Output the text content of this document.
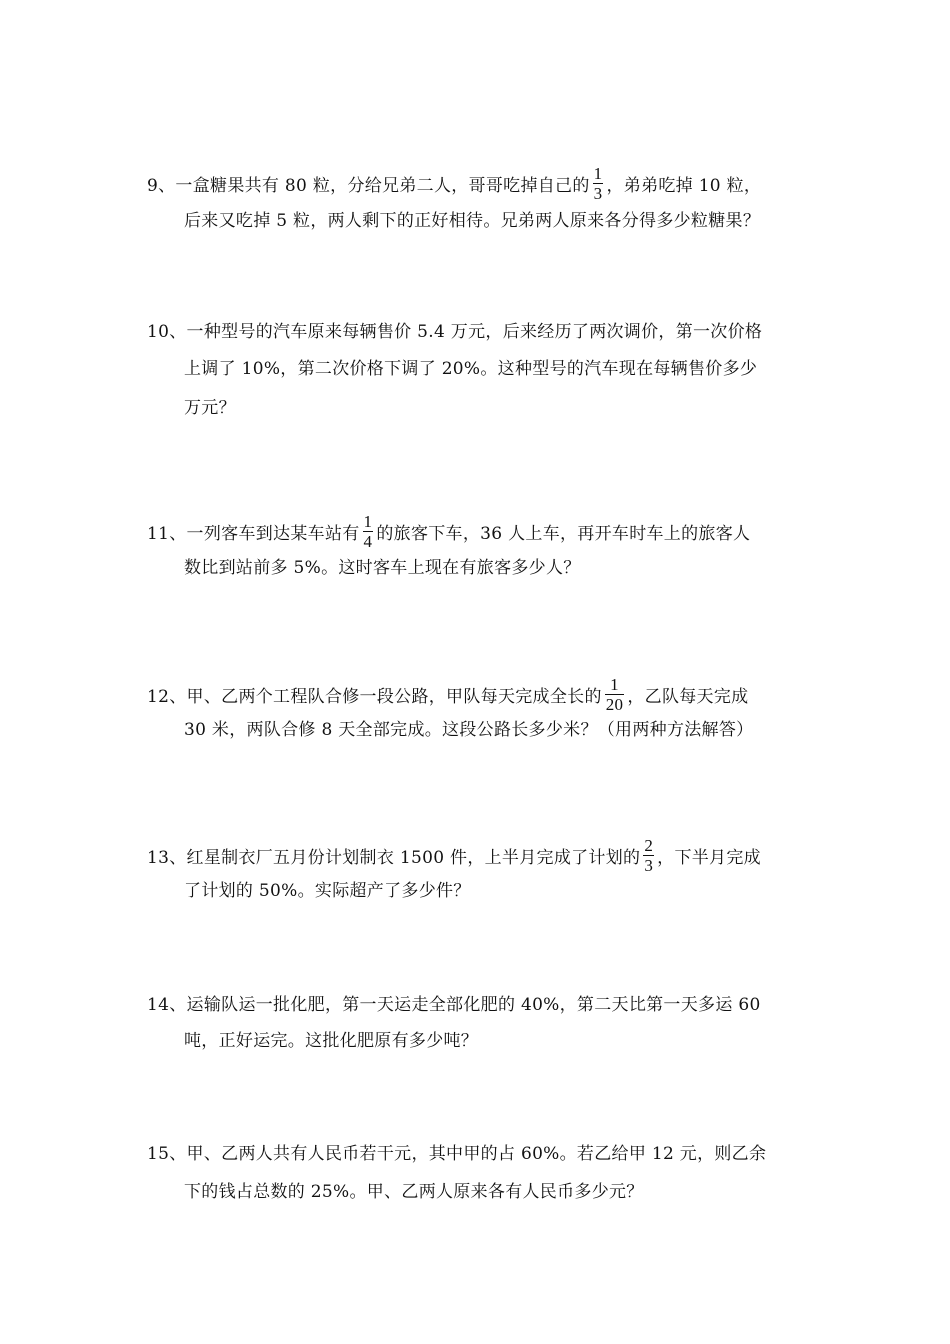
9、一盒糖果共有 80 粒，分给兄弟二人，哥哥吃掉自己的 $\frac{1}{3}$ ，弟弟吃掉 10 粒，
后来又吃掉 5 粒，两人剩下的正好相待。兄弟两人原来各分得多少粒糖果？
10、一种型号的汽车原来每辆售价 5.4 万元，后来经历了两次调价，第一次价格
上调了 10%，第二次价格下调了 20%。这种型号的汽车现在每辆售价多少
万元？
11、一列客车到达某车站有 $\frac{1}{4}$ 的旅客下车，36 人上车，再开车时车上的旅客人
数比到站前多 5%。这时客车上现在有旅客多少人？
12、甲、乙两个工程队合修一段公路，甲队每天完成全长的 $\frac{1}{20}$ ，乙队每天完成
30 米，两队合修 8 天全部完成。这段公路长多少米？（用两种方法解答）
13、红星制衣厂五月份计划制衣 1500 件，上半月完成了计划的 $\frac{2}{3}$ ，下半月完成
了计划的 50%。实际超产了多少件？
14、运输队运一批化肥，第一天运走全部化肥的 40%，第二天比第一天多运 60
吨，正好运完。这批化肥原有多少吨？
15、甲、乙两人共有人民币若干元，其中甲的占 60%。若乙给甲 12 元，则乙余
下的钱占总数的 25%。甲、乙两人原来各有人民币多少元？
